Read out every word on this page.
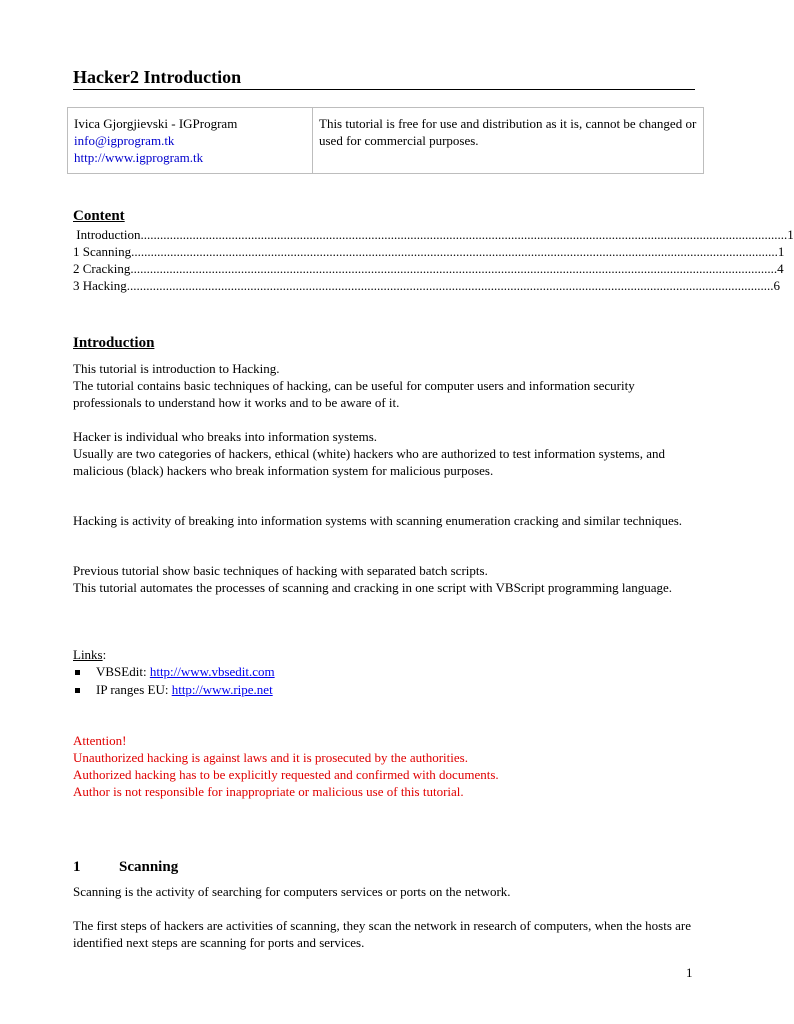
Hacker2 Introduction
Ivica Gjorgjievski - IGProgram
info@igprogram.tk
http://www.igprogram.tk

This tutorial is free for use and distribution as it is, cannot be changed or used for commercial purposes.
Content
Introduction ....................................................................................................................................................................................................... 1
1 Scanning ....................................................................................................................................................................................................... 1
2 Cracking ....................................................................................................................................................................................................... 4
3 Hacking ....................................................................................................................................................................................................... 6
Introduction
This tutorial is introduction to Hacking.
The tutorial contains basic techniques of hacking, can be useful for computer users and information security professionals to understand how it works and to be aware of it.
Hacker is individual who breaks into information systems.
Usually are two categories of hackers, ethical (white) hackers who are authorized to test information systems, and malicious (black) hackers who break information system for malicious purposes.
Hacking is activity of breaking into information systems with scanning enumeration cracking and similar techniques.
Previous tutorial show basic techniques of hacking with separated batch scripts.
This tutorial automates the processes of scanning and cracking in one script with VBScript programming language.
Links:
VBSEdit: http://www.vbsedit.com
IP ranges EU: http://www.ripe.net
Attention!
Unauthorized hacking is against laws and it is prosecuted by the authorities.
Authorized hacking has to be explicitly requested and confirmed with documents.
Author is not responsible for inappropriate or malicious use of this tutorial.
1	Scanning
Scanning is the activity of searching for computers services or ports on the network.
The first steps of hackers are activities of scanning, they scan the network in research of computers, when the hosts are identified next steps are scanning for ports and services.
1
